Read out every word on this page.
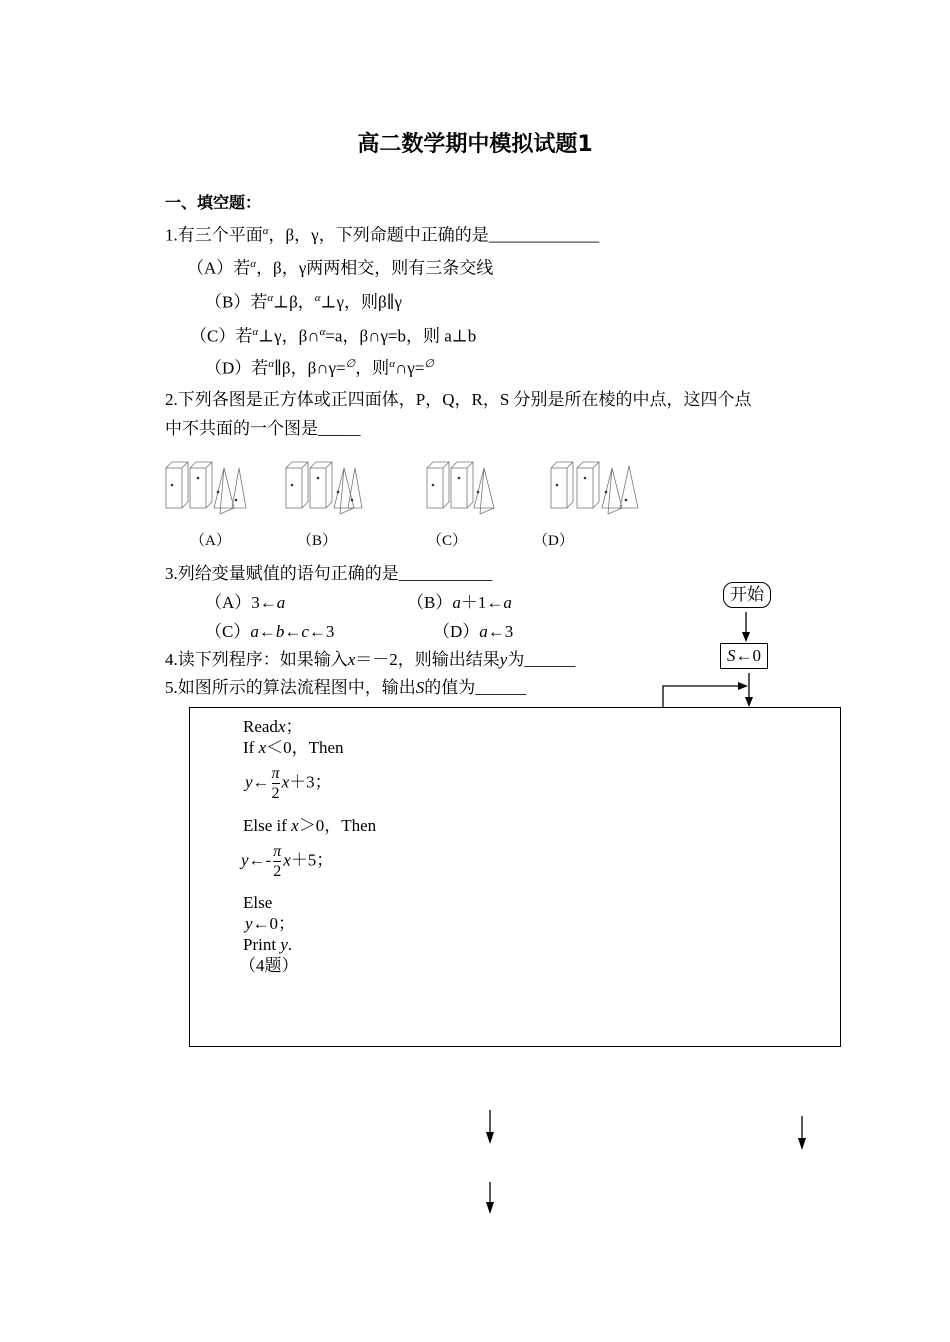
高二数学期中模拟试题1
一、填空题：
1.有三个平面$^\alpha$，β，γ，下列命题中正确的是_____________
（A）若$^\alpha$，β，γ两两相交，则有三条交线
（B）若$^\alpha$⊥β，$^\alpha$⊥γ，则β∥γ
（C）若$^\alpha$⊥γ，β∩$^\alpha$=a，β∩γ=b，则 a⊥b
（D）若$^\alpha$∥β，β∩γ=∅，则$^\alpha$∩γ=∅
2.下列各图是正方体或正四面体，P，Q，R，S 分别是所在棱的中点，这四个点
中不共面的一个图是_____
（A）	（B）	（C）	（D）
3.列给变量赋值的语句正确的是___________
（A）3←a	（B）a＋1←a
（C）a←b←c←3	（D）a←3
4.读下列程序：如果输入x＝－2，则输出结果y为______
5.如图所示的算法流程图中，输出S的值为______
开始
S←0
Readx；
If x＜0，Then
y← $\frac{\pi}{2} x+3$；
Else if x＞0，Then
y←- $\frac{\pi}{2} x+5$；
Else
y←0；
Print y.
（4题）
